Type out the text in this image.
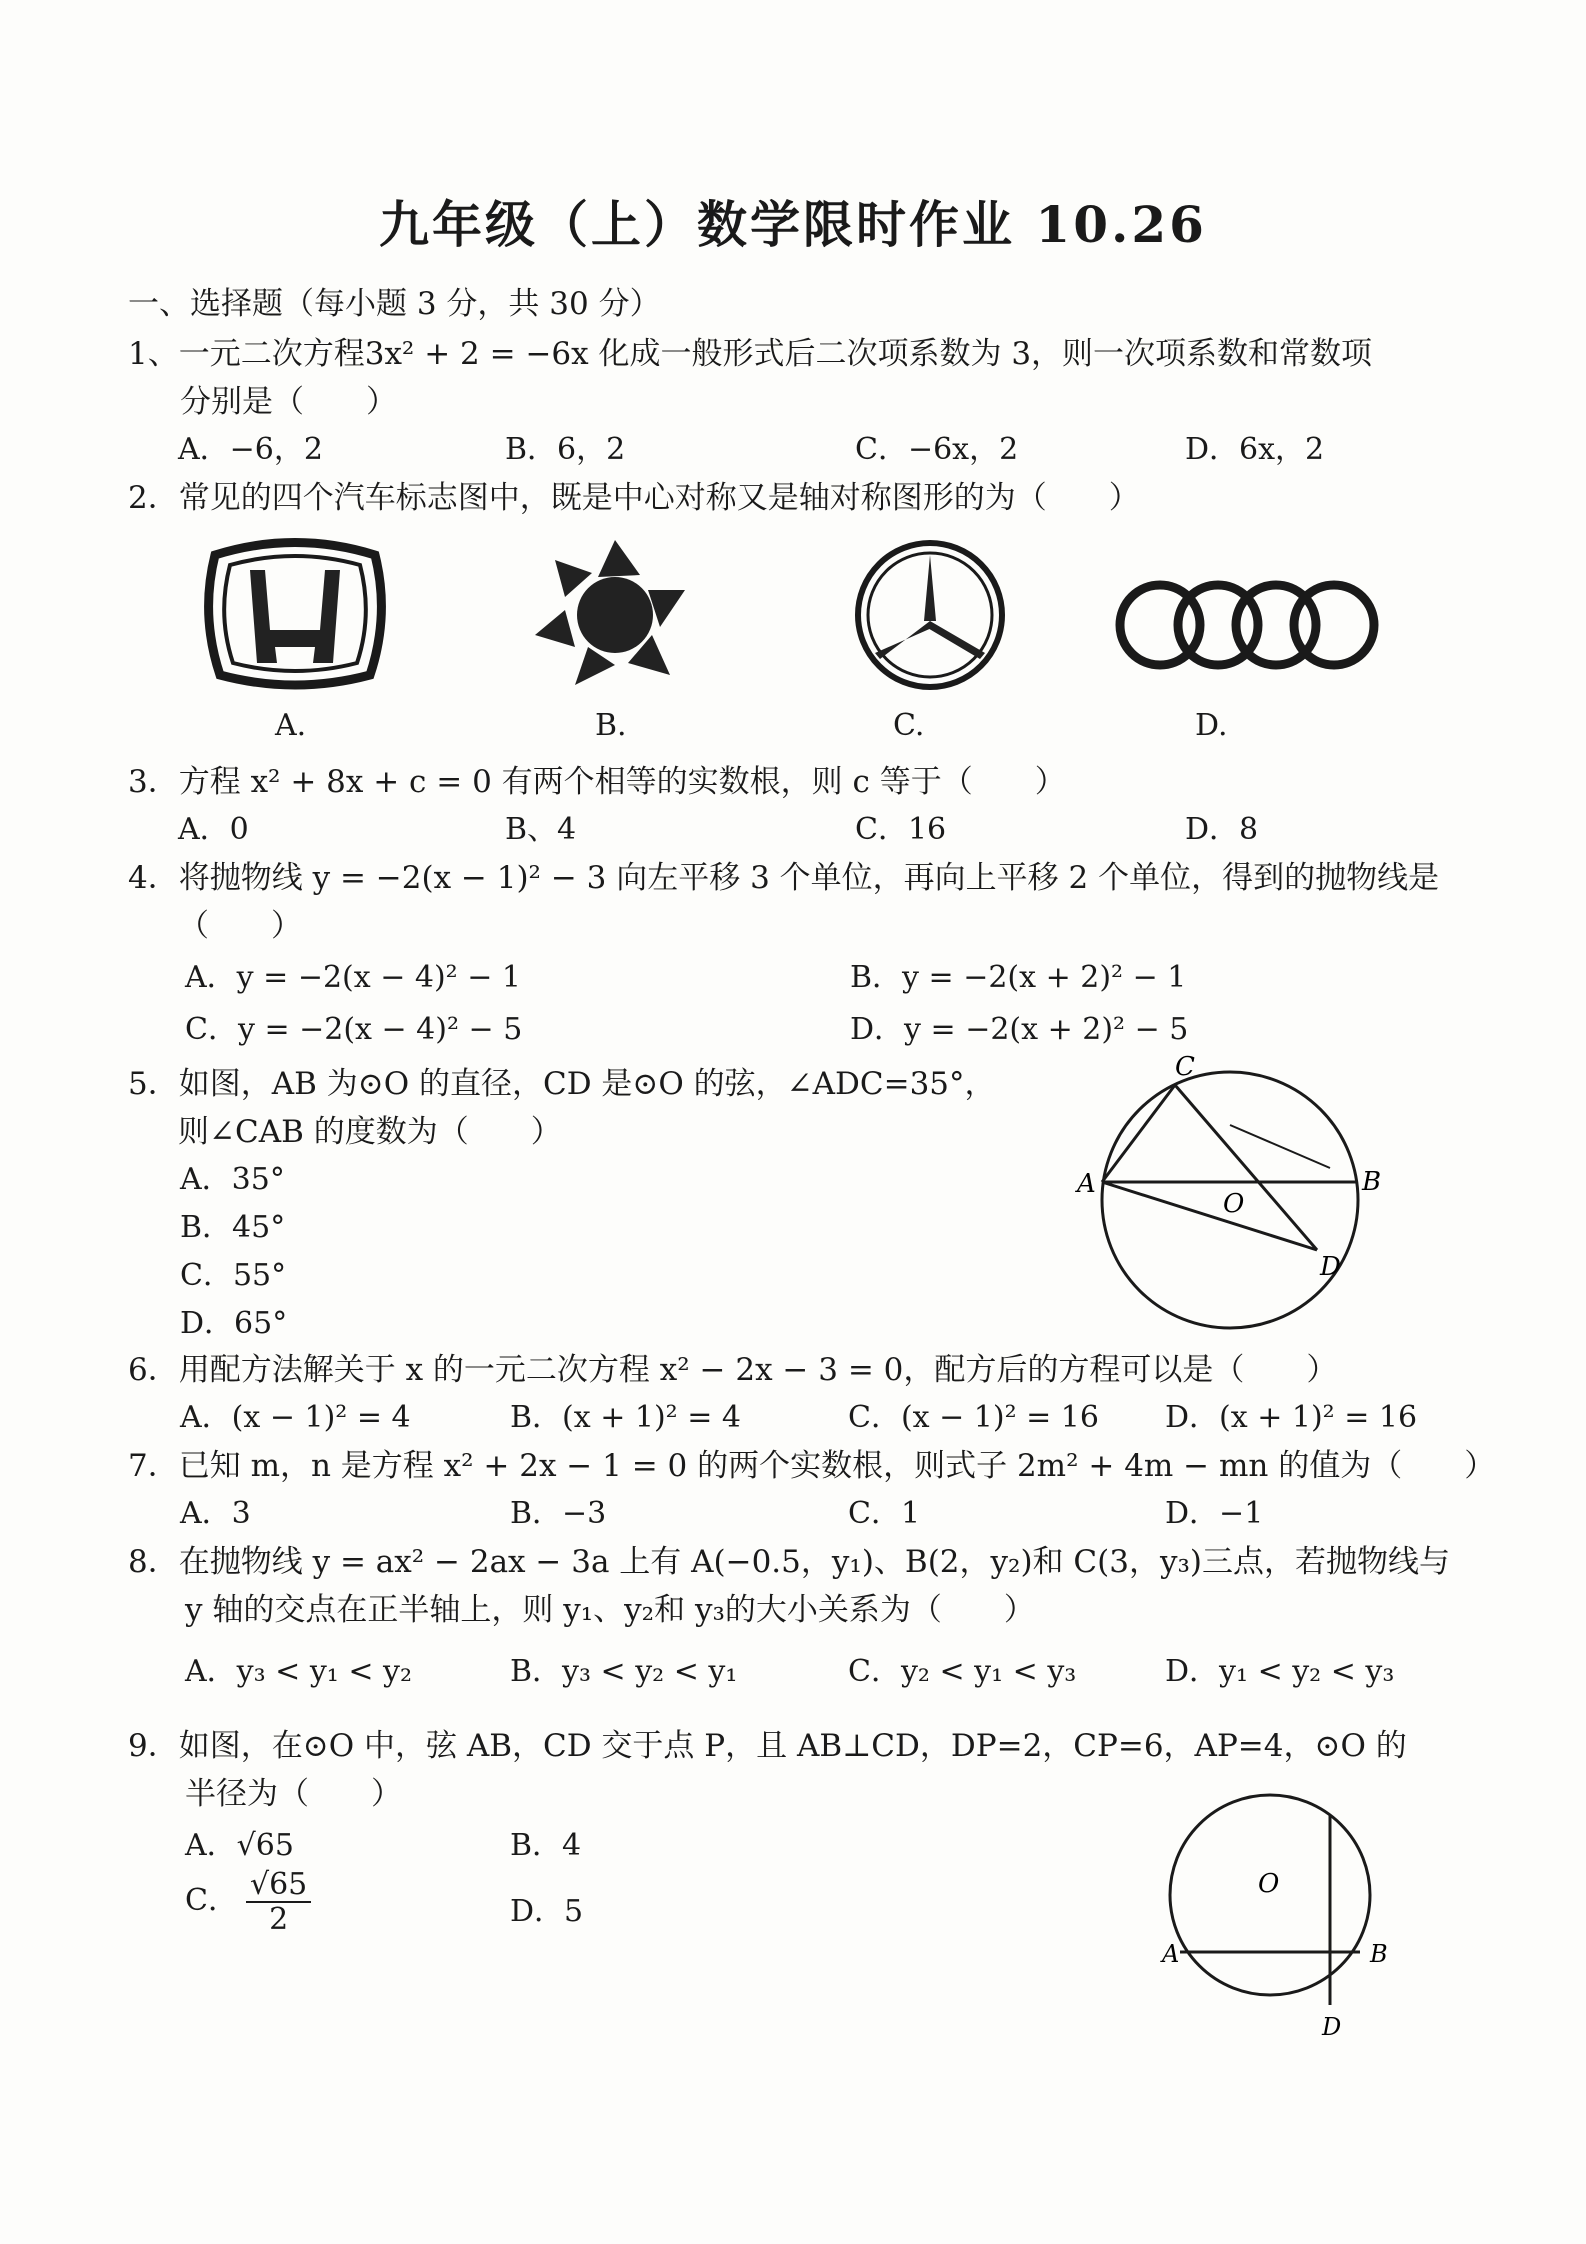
九年级（上）数学限时作业 10.26
一、选择题（每小题 3 分，共 30 分）
1、一元二次方程3x² + 2 = −6x 化成一般形式后二次项系数为 3，则一次项系数和常数项
分别是（　　）
A．−6，2	B．6，2	C．−6x，2	D．6x，2
2．常见的四个汽车标志图中，既是中心对称又是轴对称图形的为（　　）
A.	B.	C.	D.
3．方程 x² + 8x + c = 0 有两个相等的实数根，则 c 等于（　　）
A．0	B、4	C．16	D．8
4．将抛物线 y = −2(x − 1)² − 3 向左平移 3 个单位，再向上平移 2 个单位，得到的抛物线是
（　　）
A．y = −2(x − 4)² − 1	B．y = −2(x + 2)² − 1
C．y = −2(x − 4)² − 5	D．y = −2(x + 2)² − 5
5．如图，AB 为⊙O 的直径，CD 是⊙O 的弦，∠ADC=35°，
则∠CAB 的度数为（　　）
A．35°
B．45°
C．55°
D．65°
C
A
O
B
D
6．用配方法解关于 x 的一元二次方程 x² − 2x − 3 = 0，配方后的方程可以是（　　）
A．(x − 1)² = 4	B．(x + 1)² = 4	C．(x − 1)² = 16 D．(x + 1)² = 16
7．已知 m，n 是方程 x² + 2x − 1 = 0 的两个实数根，则式子 2m² + 4m − mn 的值为（　　）
A．3	B．−3	C．1	D．−1
8．在抛物线 y = ax² − 2ax − 3a 上有 A(−0.5，y₁)、B(2，y₂)和 C(3，y₃)三点，若抛物线与
y 轴的交点在正半轴上，则 y₁、y₂和 y₃的大小关系为（　　）
A．y₃ < y₁ < y₂	B．y₃ < y₂ < y₁	C．y₂ < y₁ < y₃	D．y₁ < y₂ < y₃
9．如图，在⊙O 中，弦 AB，CD 交于点 P，且 AB⊥CD，DP=2，CP=6，AP=4，⊙O 的
半径为（　　）
A．√65	B．4
C． $\frac{√65}{2}$	D．5
O
A	B
D
